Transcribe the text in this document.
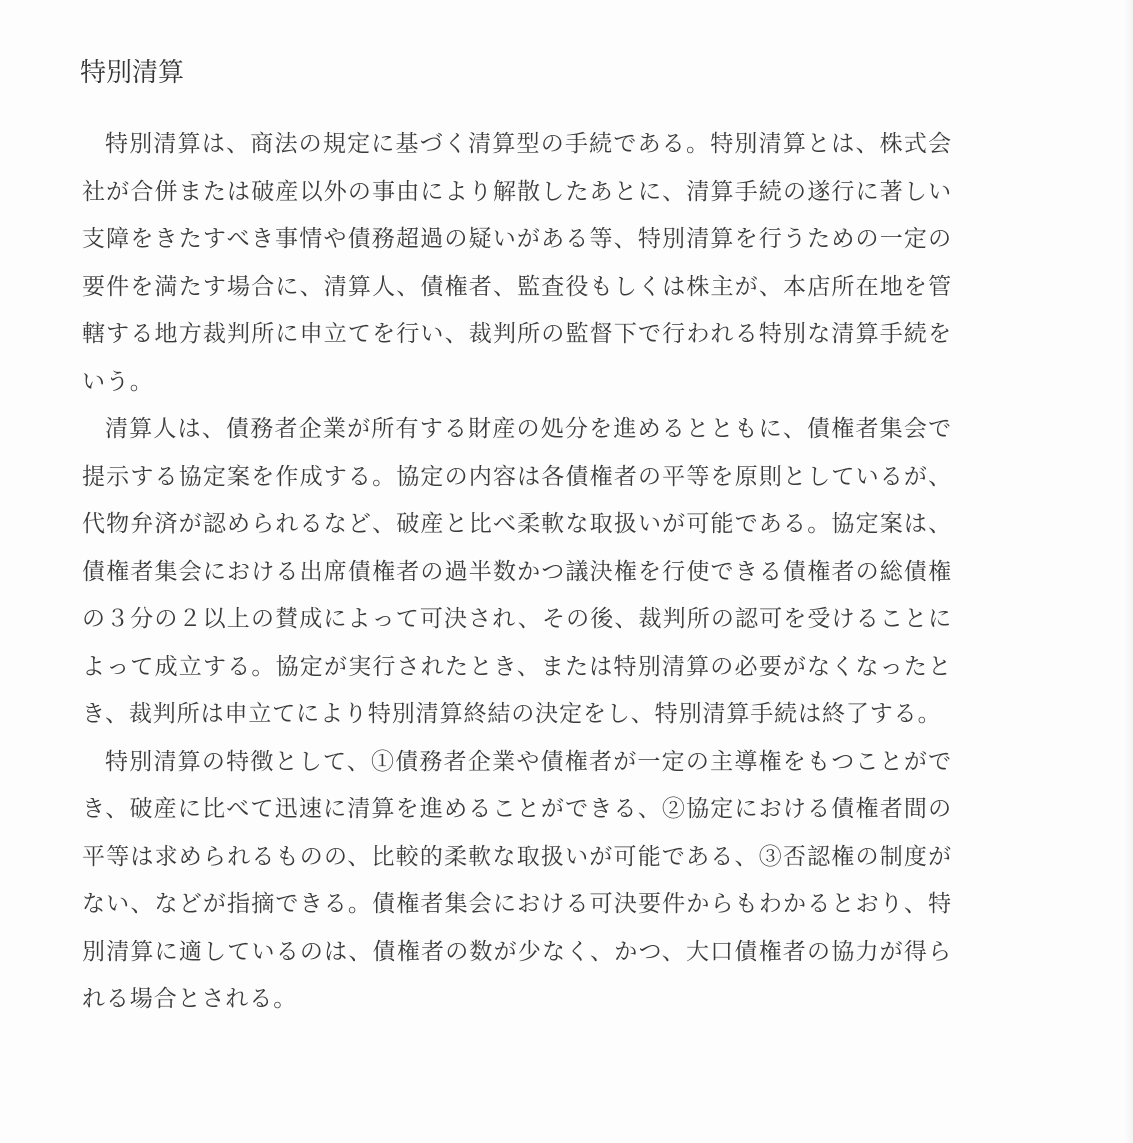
特別清算

特別清算は、商法の規定に基づく清算型の手続である。特別清算とは、株式会社が合併または破産以外の事由により解散したあとに、清算手続の遂行に著しい支障をきたすべき事情や債務超過の疑いがある等、特別清算を行うための一定の要件を満たす場合に、清算人、債権者、監査役もしくは株主が、本店所在地を管轄する地方裁判所に申立てを行い、裁判所の監督下で行われる特別な清算手続をいう。

清算人は、債務者企業が所有する財産の処分を進めるとともに、債権者集会で提示する協定案を作成する。協定の内容は各債権者の平等を原則としているが、代物弁済が認められるなど、破産と比べ柔軟な取扱いが可能である。協定案は、債権者集会における出席債権者の過半数かつ議決権を行使できる債権者の総債権の３分の２以上の賛成によって可決され、その後、裁判所の認可を受けることによって成立する。協定が実行されたとき、または特別清算の必要がなくなったとき、裁判所は申立てにより特別清算終結の決定をし、特別清算手続は終了する。

特別清算の特徴として、①債務者企業や債権者が一定の主導権をもつことができ、破産に比べて迅速に清算を進めることができる、②協定における債権者間の平等は求められるものの、比較的柔軟な取扱いが可能である、③否認権の制度がない、などが指摘できる。債権者集会における可決要件からもわかるとおり、特別清算に適しているのは、債権者の数が少なく、かつ、大口債権者の協力が得られる場合とされる。
